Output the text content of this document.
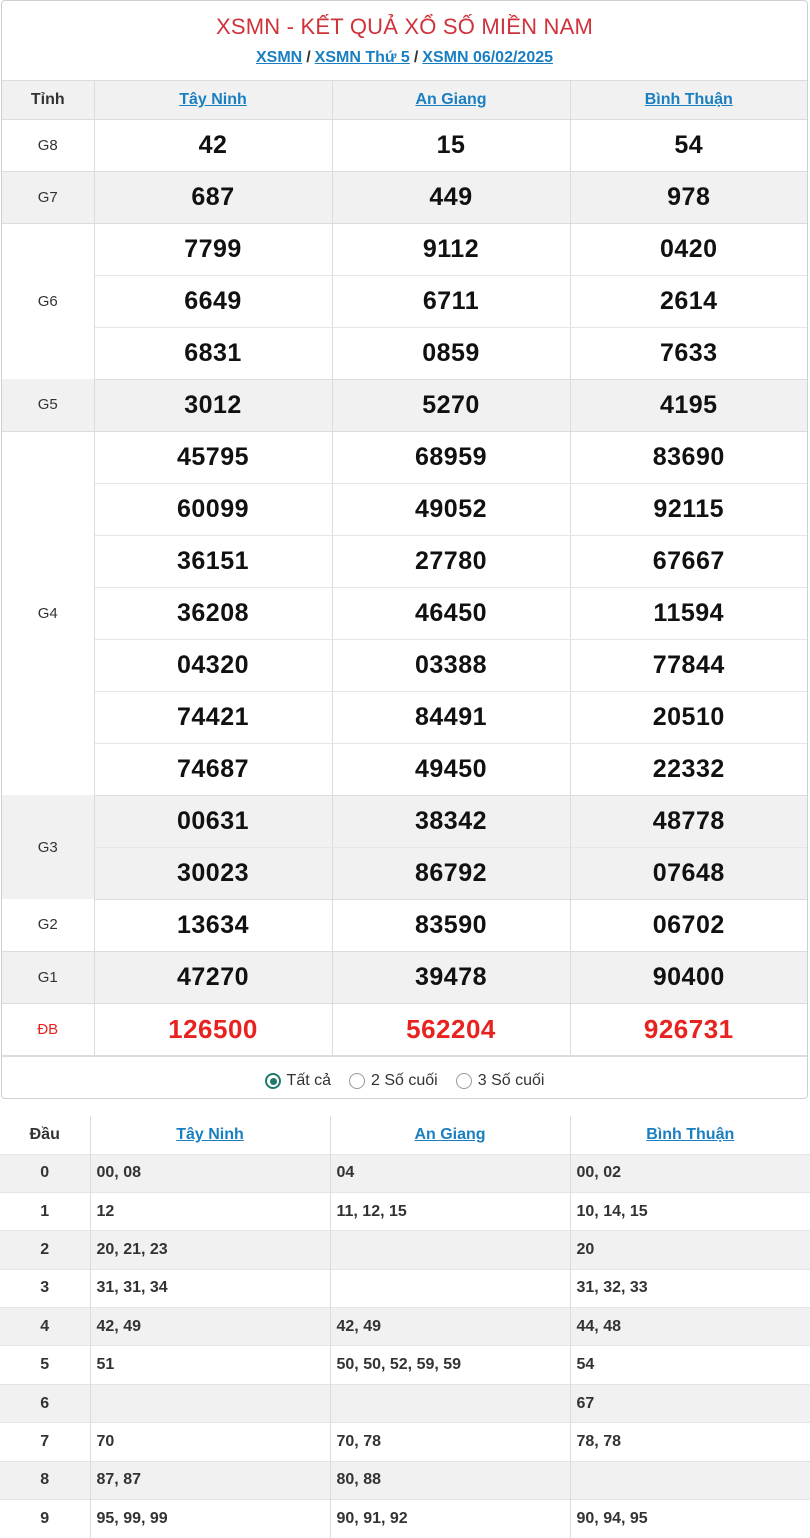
XSMN - KẾT QUẢ XỔ SỐ MIỀN NAM
XSMN / XSMN Thứ 5 / XSMN 06/02/2025
Tỉnh	Tây Ninh	An Giang	Bình Thuận
G8	42	15	54
G7	687	449	978
G6	7799	9112	0420
	6649	6711	2614
	6831	0859	7633
G5	3012	5270	4195
G4	45795	68959	83690
	60099	49052	92115
	36151	27780	67667
	36208	46450	11594
	04320	03388	77844
	74421	84491	20510
	74687	49450	22332
G3	00631	38342	48778
	30023	86792	07648
G2	13634	83590	06702
G1	47270	39478	90400
ĐB	126500	562204	926731
Tất cả	2 Số cuối	3 Số cuối
Đầu	Tây Ninh	An Giang	Bình Thuận
0	00, 08	04	00, 02
1	12	11, 12, 15	10, 14, 15
2	20, 21, 23		20
3	31, 31, 34		31, 32, 33
4	42, 49	42, 49	44, 48
5	51	50, 50, 52, 59, 59	54
6			67
7	70	70, 78	78, 78
8	87, 87	80, 88	
9	95, 99, 99	90, 91, 92	90, 94, 95
